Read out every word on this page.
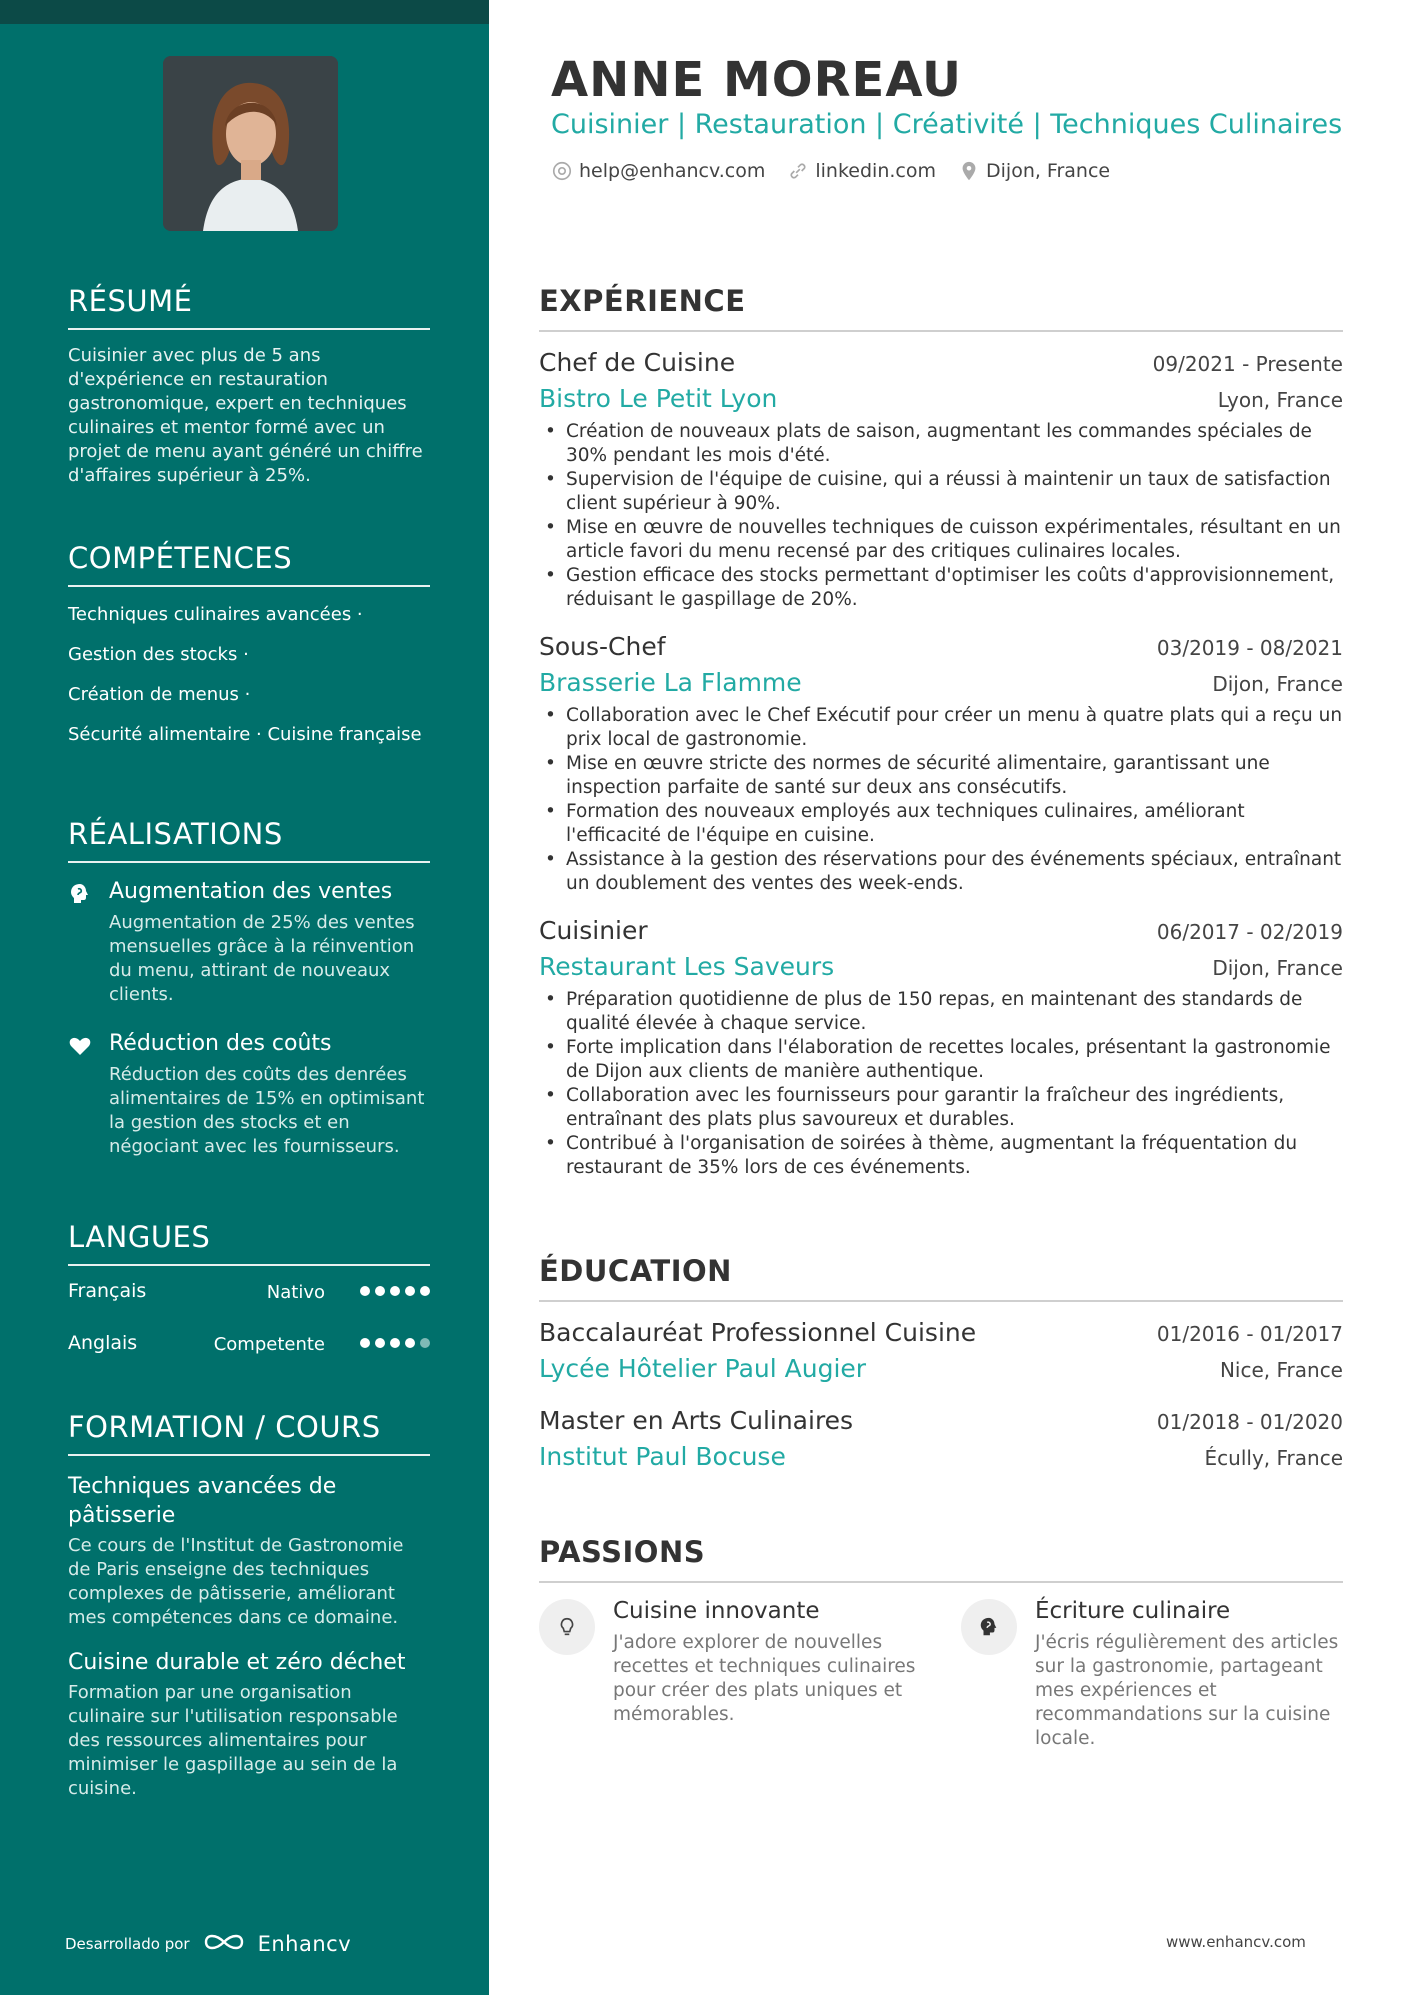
RÉSUMÉ

Cuisinier avec plus de 5 ans d'expérience en restauration gastronomique, expert en techniques culinaires et mentor formé avec un projet de menu ayant généré un chiffre d'affaires supérieur à 25%.

COMPÉTENCES
Techniques culinaires avancées ·
Gestion des stocks ·
Création de menus ·
Sécurité alimentaire · Cuisine française
RÉALISATIONS
Augmentation des ventes
Augmentation de 25% des ventes mensuelles grâce à la réinvention du menu, attirant de nouveaux clients.
Réduction des coûts
Réduction des coûts des denrées alimentaires de 15% en optimisant la gestion des stocks et en négociant avec les fournisseurs.
LANGUES
Français	Nativo
Anglais	Competente
FORMATION / COURS
Techniques avancées de pâtisserie
Ce cours de l'Institut de Gastronomie de Paris enseigne des techniques complexes de pâtisserie, améliorant mes compétences dans ce domaine.
Cuisine durable et zéro déchet
Formation par une organisation culinaire sur l'utilisation responsable des ressources alimentaires pour minimiser le gaspillage au sein de la cuisine.
Desarrollado por	Enhancv
ANNE MOREAU
Cuisinier | Restauration | Créativité | Techniques Culinaires
help@enhancv.com	linkedin.com	Dijon, France
EXPÉRIENCE
Chef de Cuisine	09/2021 - Presente
Bistro Le Petit Lyon	Lyon, France
• Création de nouveaux plats de saison, augmentant les commandes spéciales de 30% pendant les mois d'été.
• Supervision de l'équipe de cuisine, qui a réussi à maintenir un taux de satisfaction client supérieur à 90%.
• Mise en œuvre de nouvelles techniques de cuisson expérimentales, résultant en un article favori du menu recensé par des critiques culinaires locales.
• Gestion efficace des stocks permettant d'optimiser les coûts d'approvisionnement, réduisant le gaspillage de 20%.
Sous-Chef	03/2019 - 08/2021
Brasserie La Flamme	Dijon, France
• Collaboration avec le Chef Exécutif pour créer un menu à quatre plats qui a reçu un prix local de gastronomie.
• Mise en œuvre stricte des normes de sécurité alimentaire, garantissant une inspection parfaite de santé sur deux ans consécutifs.
• Formation des nouveaux employés aux techniques culinaires, améliorant l'efficacité de l'équipe en cuisine.
• Assistance à la gestion des réservations pour des événements spéciaux, entraînant un doublement des ventes des week-ends.
Cuisinier	06/2017 - 02/2019
Restaurant Les Saveurs	Dijon, France
• Préparation quotidienne de plus de 150 repas, en maintenant des standards de qualité élevée à chaque service.
• Forte implication dans l'élaboration de recettes locales, présentant la gastronomie de Dijon aux clients de manière authentique.
• Collaboration avec les fournisseurs pour garantir la fraîcheur des ingrédients, entraînant des plats plus savoureux et durables.
• Contribué à l'organisation de soirées à thème, augmentant la fréquentation du restaurant de 35% lors de ces événements.
ÉDUCATION
Baccalauréat Professionnel Cuisine	01/2016 - 01/2017
Lycée Hôtelier Paul Augier	Nice, France
Master en Arts Culinaires	01/2018 - 01/2020
Institut Paul Bocuse	Écully, France
PASSIONS
Cuisine innovante
J'adore explorer de nouvelles recettes et techniques culinaires pour créer des plats uniques et mémorables.
Écriture culinaire
J'écris régulièrement des articles sur la gastronomie, partageant mes expériences et recommandations sur la cuisine locale.
www.enhancv.com
